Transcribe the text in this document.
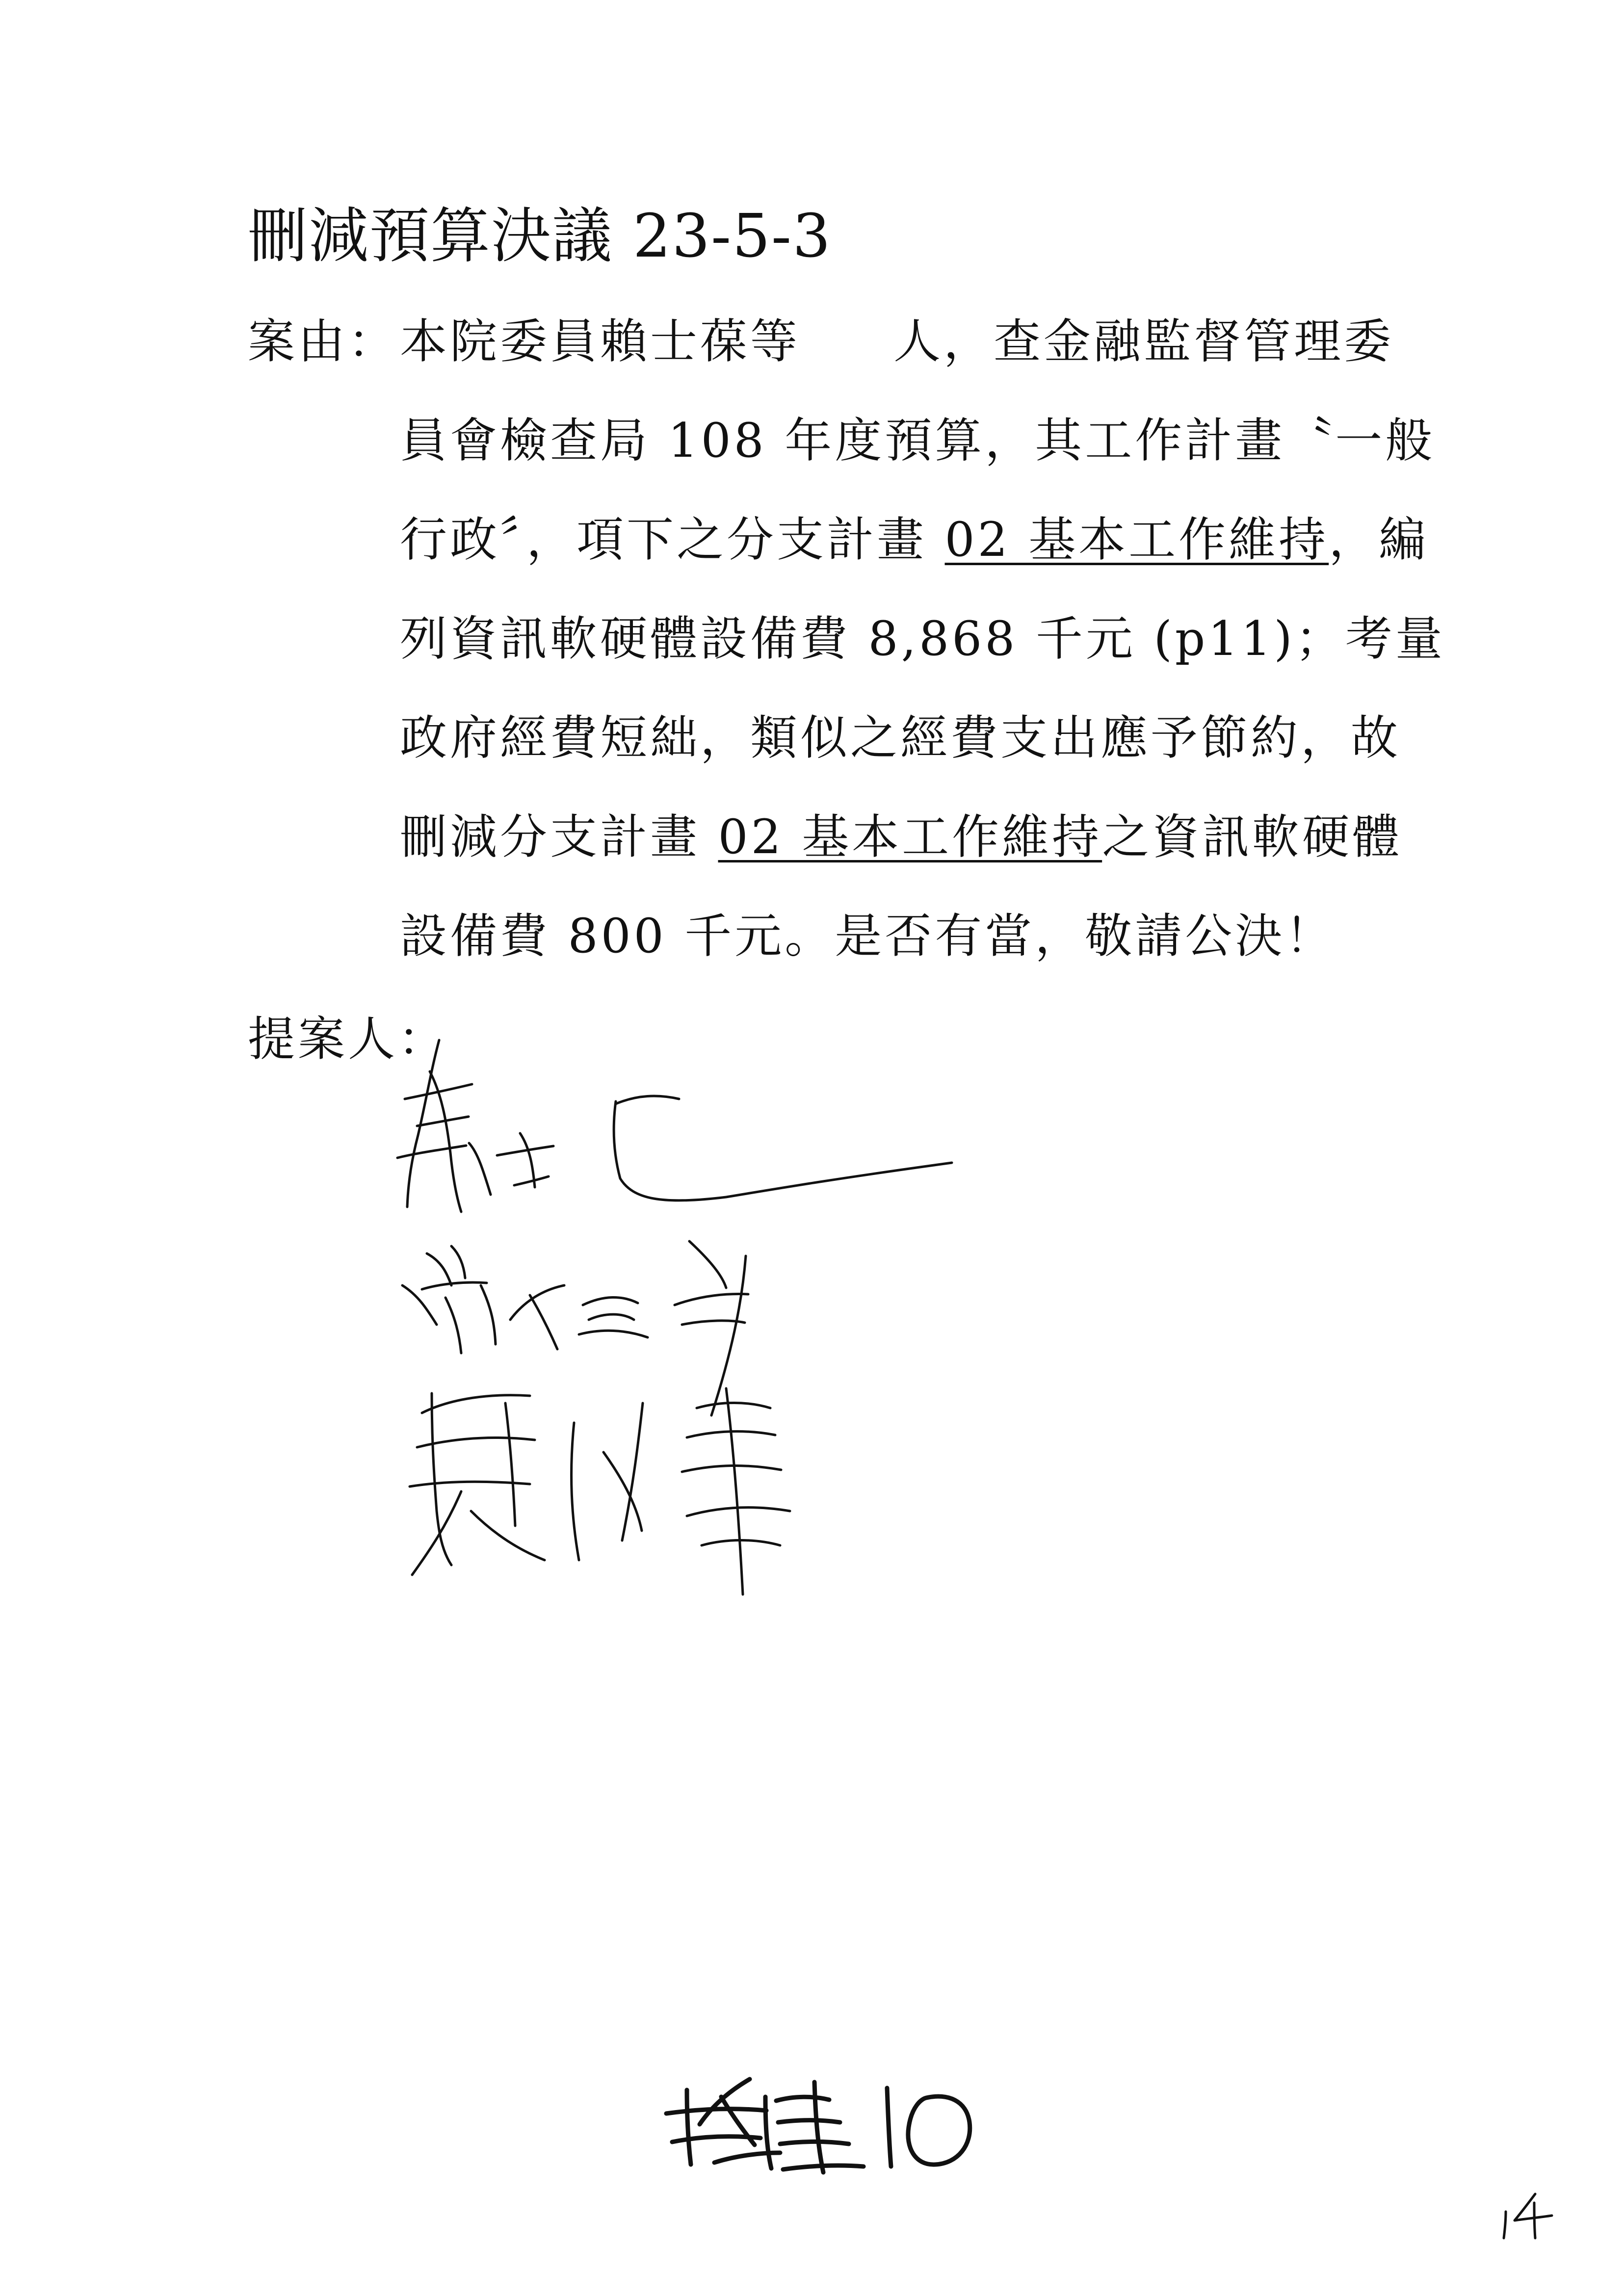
刪減預算決議 23-5-3
案由： 本院委員賴士葆等 人，查金融監督管理委
員會檢查局 108 年度預算，其工作計畫〝一般
行政〞，項下之分支計畫 02 基本工作維持，編
列資訊軟硬體設備費 8,868 千元 (p11)；考量
政府經費短絀，類似之經費支出應予節約，故
刪減分支計畫 02 基本工作維持之資訊軟硬體
設備費 800 千元。是否有當，敬請公決！
提案人：
